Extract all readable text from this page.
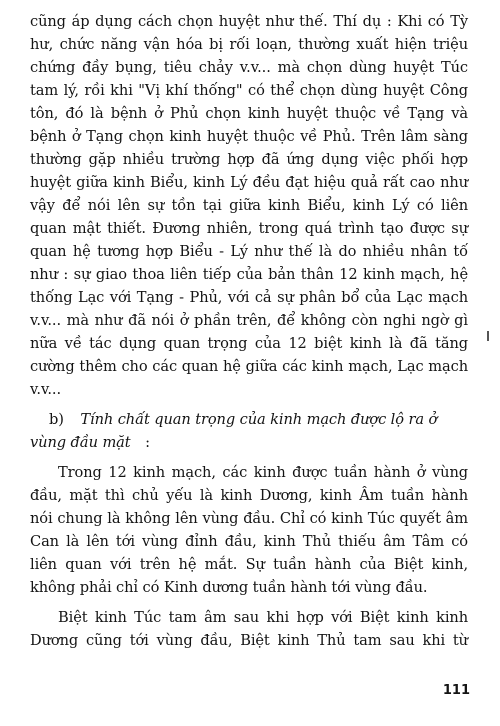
cũng áp dụng cách chọn huyệt như thế. Thí dụ : Khi có Tỳ
hư, chức năng vận hóa bị rối loạn, thường xuất hiện triệu
chứng đầy bụng, tiêu chảy v.v... mà chọn dùng huyệt Túc
tam lý, rồi khi "Vị khí thống" có thể chọn dùng huyệt Công
tôn, đó là bệnh ở Phủ chọn kinh huyệt thuộc về Tạng và
bệnh ở Tạng chọn kinh huyệt thuộc về Phủ. Trên lâm sàng
thường gặp nhiều trường hợp đã ứng dụng việc phối hợp
huyệt giữa kinh Biểu, kinh Lý đều đạt hiệu quả rất cao như
vậy để nói lên sự tồn tại giữa kinh Biểu, kinh Lý có liên
quan mật thiết. Đương nhiên, trong quá trình tạo được sự
quan hệ tương hợp Biểu - Lý như thế là do nhiều nhân tố
như : sự giao thoa liên tiếp của bản thân 12 kinh mạch, hệ
thống Lạc với Tạng - Phủ, với cả sự phân bổ của Lạc mạch
v.v... mà như đã nói ở phần trên, để không còn nghi ngờ gì
nữa về tác dụng quan trọng của 12 biệt kinh là đã tăng
cường thêm cho các quan hệ giữa các kinh mạch, Lạc mạch
v.v...
b) Tính chất quan trọng của kinh mạch được lộ ra ở
vùng đầu mặt :
Trong 12 kinh mạch, các kinh được tuần hành ở vùng
đầu, mặt thì chủ yếu là kinh Dương, kinh Âm tuần hành
nói chung là không lên vùng đầu. Chỉ có kinh Túc quyết âm
Can là lên tới vùng đỉnh đầu, kinh Thủ thiếu âm Tâm có
liên quan với trên hệ mắt. Sự tuần hành của Biệt kinh,
không phải chỉ có Kinh dương tuần hành tới vùng đầu.
Biệt kinh Túc tam âm sau khi hợp với Biệt kinh kinh
Dương cũng tới vùng đầu, Biệt kinh Thủ tam sau khi từ
111
